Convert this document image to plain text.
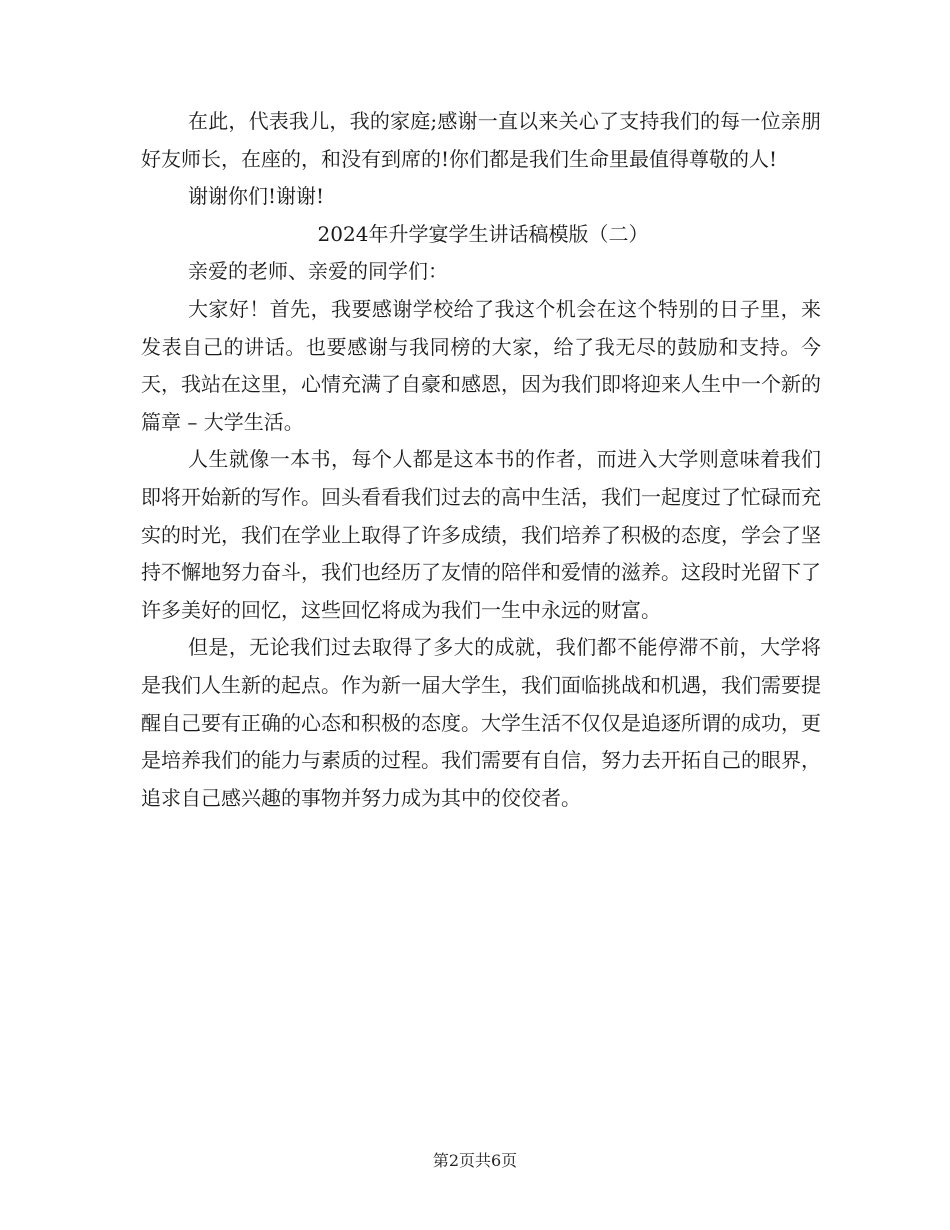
在此，代表我儿，我的家庭;感谢一直以来关心了支持我们的每一位亲朋好友师长，在座的，和没有到席的!你们都是我们生命里最值得尊敬的人!

谢谢你们!谢谢!

2024年升学宴学生讲话稿模版（二）

亲爱的老师、亲爱的同学们：

大家好！首先，我要感谢学校给了我这个机会在这个特别的日子里，来发表自己的讲话。也要感谢与我同榜的大家，给了我无尽的鼓励和支持。今天，我站在这里，心情充满了自豪和感恩，因为我们即将迎来人生中一个新的篇章 – 大学生活。

人生就像一本书，每个人都是这本书的作者，而进入大学则意味着我们即将开始新的写作。回头看看我们过去的高中生活，我们一起度过了忙碌而充实的时光，我们在学业上取得了许多成绩，我们培养了积极的态度，学会了坚持不懈地努力奋斗，我们也经历了友情的陪伴和爱情的滋养。这段时光留下了许多美好的回忆，这些回忆将成为我们一生中永远的财富。

但是，无论我们过去取得了多大的成就，我们都不能停滞不前，大学将是我们人生新的起点。作为新一届大学生，我们面临挑战和机遇，我们需要提醒自己要有正确的心态和积极的态度。大学生活不仅仅是追逐所谓的成功，更是培养我们的能力与素质的过程。我们需要有自信，努力去开拓自己的眼界，追求自己感兴趣的事物并努力成为其中的佼佼者。

第2页共6页
